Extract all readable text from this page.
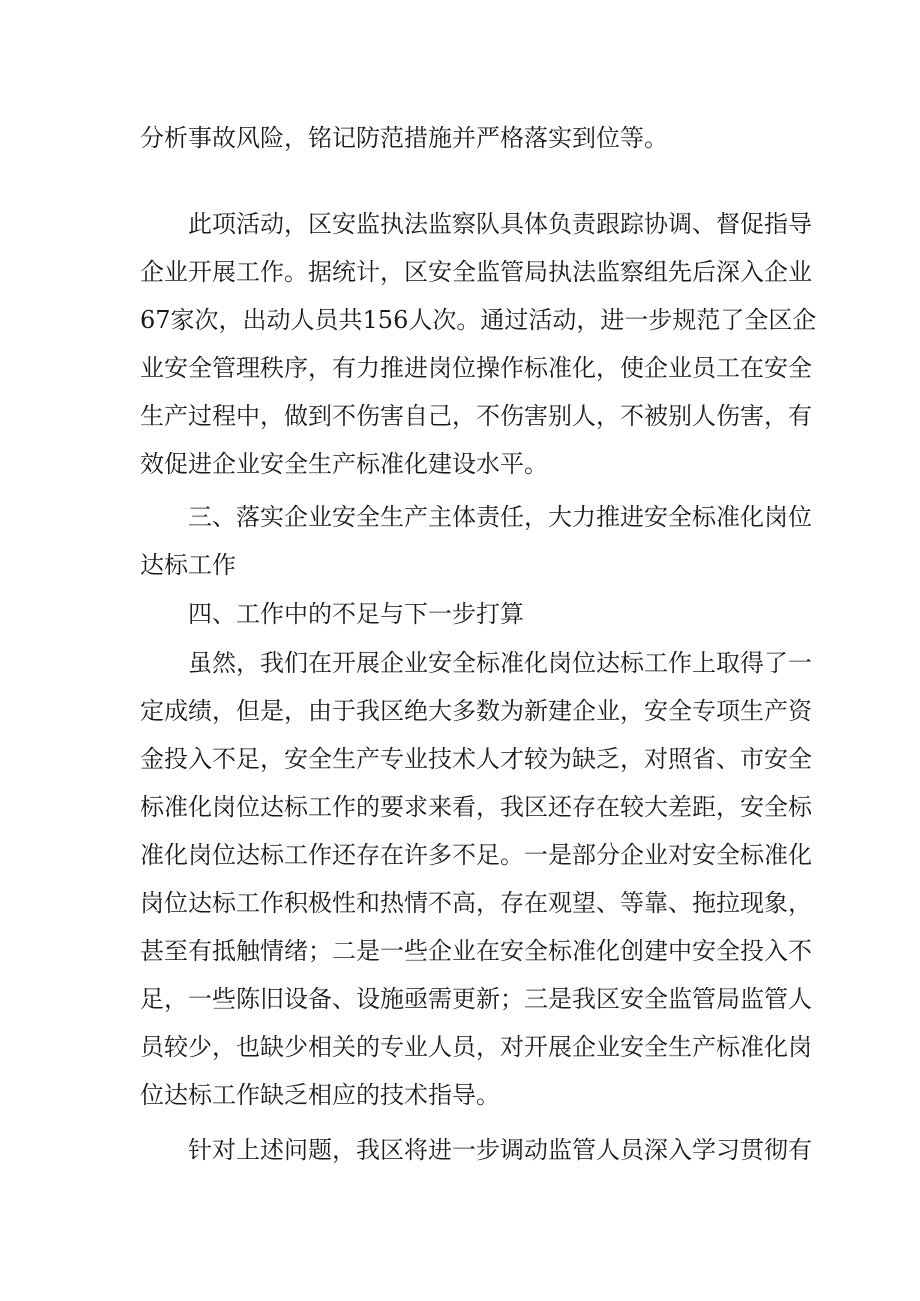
分析事故风险，铭记防范措施并严格落实到位等。

此项活动，区安监执法监察队具体负责跟踪协调、督促指导

企业开展工作。据统计，区安全监管局执法监察组先后深入企业

67家次，出动人员共156人次。通过活动，进一步规范了全区企

业安全管理秩序，有力推进岗位操作标准化，使企业员工在安全

生产过程中，做到不伤害自己，不伤害别人，不被别人伤害，有

效促进企业安全生产标准化建设水平。

三、落实企业安全生产主体责任，大力推进安全标准化岗位

达标工作

四、工作中的不足与下一步打算

虽然，我们在开展企业安全标准化岗位达标工作上取得了一

定成绩，但是，由于我区绝大多数为新建企业，安全专项生产资

金投入不足，安全生产专业技术人才较为缺乏，对照省、市安全

标准化岗位达标工作的要求来看，我区还存在较大差距，安全标

准化岗位达标工作还存在许多不足。一是部分企业对安全标准化

岗位达标工作积极性和热情不高，存在观望、等靠、拖拉现象，

甚至有抵触情绪；二是一些企业在安全标准化创建中安全投入不

足，一些陈旧设备、设施亟需更新；三是我区安全监管局监管人

员较少，也缺少相关的专业人员，对开展企业安全生产标准化岗

位达标工作缺乏相应的技术指导。

针对上述问题，我区将进一步调动监管人员深入学习贯彻有
